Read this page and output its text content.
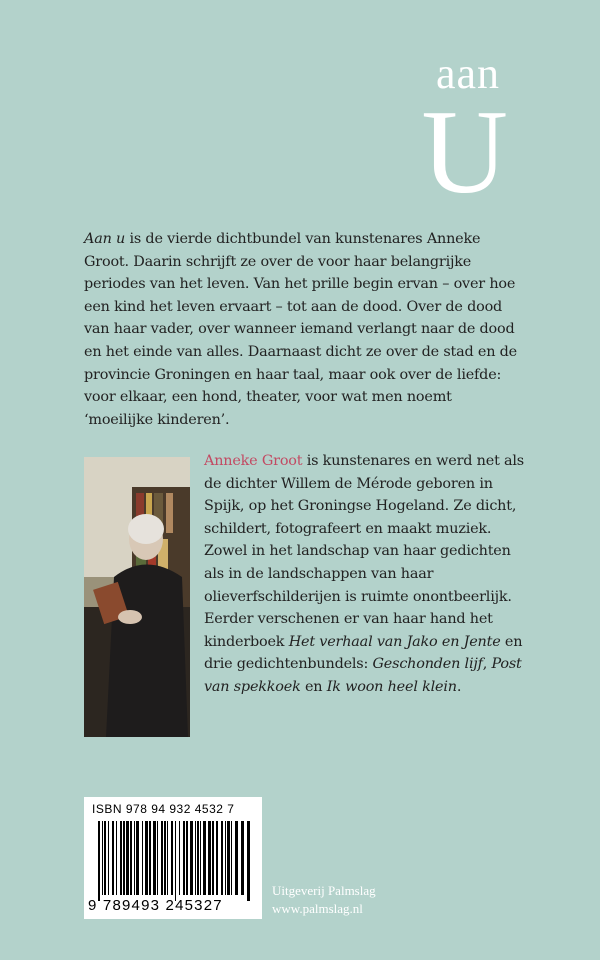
aan
U

Aan u is de vierde dichtbundel van kunstenares Anneke Groot. Daarin schrijft ze over de voor haar belangrijke periodes van het leven. Van het prille begin ervan – over hoe een kind het leven ervaart – tot aan de dood. Over de dood van haar vader, over wanneer iemand verlangt naar de dood en het einde van alles. Daarnaast dicht ze over de stad en de provincie Groningen en haar taal, maar ook over de liefde: voor elkaar, een hond, theater, voor wat men noemt ‘moeilijke kinderen’.

Anneke Groot is kunstenares en werd net als de dichter Willem de Mérode geboren in Spijk, op het Groningse Hogeland. Ze dicht, schildert, fotografeert en maakt muziek. Zowel in het landschap van haar gedichten als in de landschappen van haar olieverfschilderijen is ruimte onontbeerlijk. Eerder verschenen er van haar hand het kinderboek Het verhaal van Jako en Jente en drie gedichtenbundels: Geschonden lijf, Post van spekkoek en Ik woon heel klein.

ISBN 978 94 932 4532 7
9 789493 245327
Uitgeverij Palmslag
www.palmslag.nl
